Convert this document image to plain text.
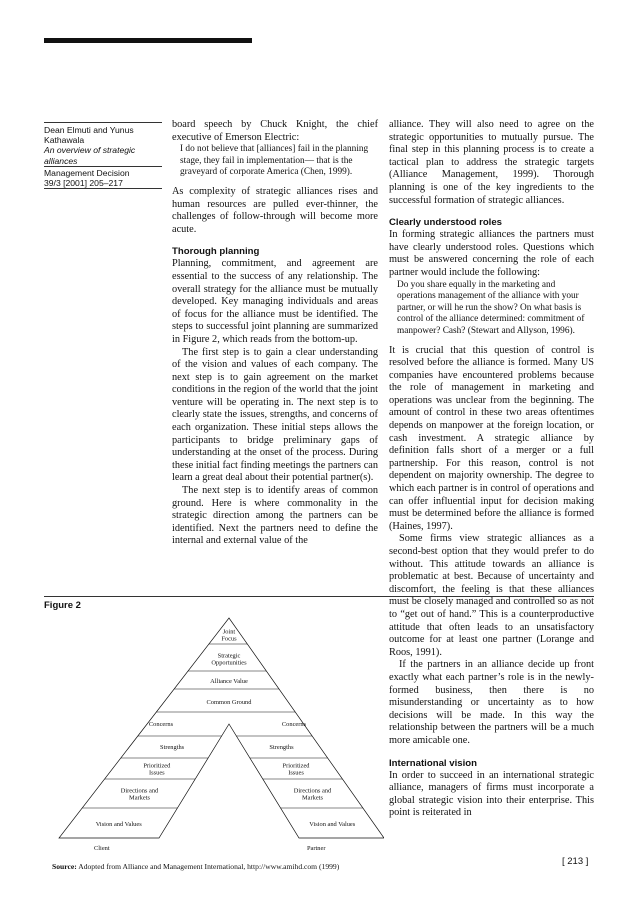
Dean Elmuti and Yunus Kathawala
An overview of strategic alliances
Management Decision
39/3 [2001] 205–217

board speech by Chuck Knight, the chief executive of Emerson Electric:

I do not believe that [alliances] fail in the planning stage, they fail in implementation— that is the graveyard of corporate America (Chen, 1999).

As complexity of strategic alliances rises and human resources are pulled ever-thinner, the challenges of follow-through will become more acute.

Thorough planning

Planning, commitment, and agreement are essential to the success of any relationship. The overall strategy for the alliance must be mutually developed. Key managing individuals and areas of focus for the alliance must be identified. The steps to successful joint planning are summarized in Figure 2, which reads from the bottom-up.

The first step is to gain a clear understanding of the vision and values of each company. The next step is to gain agreement on the market conditions in the region of the world that the joint venture will be operating in. The next step is to clearly state the issues, strengths, and concerns of each organization. These initial steps allows the participants to bridge preliminary gaps of understanding at the onset of the process. During these initial fact finding meetings the partners can learn a great deal about their potential partner(s).

The next step is to identify areas of common ground. Here is where commonality in the strategic direction among the partners can be identified. Next the partners need to define the internal and external value of the

alliance. They will also need to agree on the strategic opportunities to mutually pursue. The final step in this planning process is to create a tactical plan to address the strategic targets (Alliance Management, 1999). Thorough planning is one of the key ingredients to the successful formation of strategic alliances.

Clearly understood roles

In forming strategic alliances the partners must have clearly understood roles. Questions which must be answered concerning the role of each partner would include the following:

Do you share equally in the marketing and operations management of the alliance with your partner, or will he run the show? On what basis is control of the alliance determined: commitment of manpower? Cash? (Stewart and Allyson, 1996).

It is crucial that this question of control is resolved before the alliance is formed. Many US companies have encountered problems because the role of management in marketing and operations was unclear from the beginning. The amount of control in these two areas oftentimes depends on manpower at the foreign location, or cash investment. A strategic alliance by definition falls short of a merger or a full partnership. For this reason, control is not dependent on majority ownership. The degree to which each partner is in control of operations and can offer influential input for decision making must be determined before the alliance is formed (Haines, 1997).

Some firms view strategic alliances as a second-best option that they would prefer to do without. This attitude towards an alliance is problematic at best. Because of uncertainty and discomfort, the feeling is that these alliances must be closely managed and controlled so as not to “get out of hand.” This is a counterproductive attitude that often leads to an unsatisfactory outcome for at least one partner (Lorange and Roos, 1991).

If the partners in an alliance decide up front exactly what each partner’s role is in the newly-formed business, then there is no misunderstanding or uncertainty as to how decisions will be made. In this way the relationship between the partners will be a much more amicable one.

International vision

In order to succeed in an international strategic alliance, managers of firms must incorporate a global strategic vision into their enterprise. This point is reiterated in

Figure 2
Joint
Focus
Strategic
Opportunities
Alliance Value
Common Ground
Concerns
Strengths
Prioritized
Issues
Directions and
Markets
Vision and Values
Concerns
Strengths
Prioritized
Issues
Directions and
Markets
Vision and Values
Client	Partner
Source: Adopted from Alliance and Management International, http://www.amihd.com (1999)	[ 213 ]
